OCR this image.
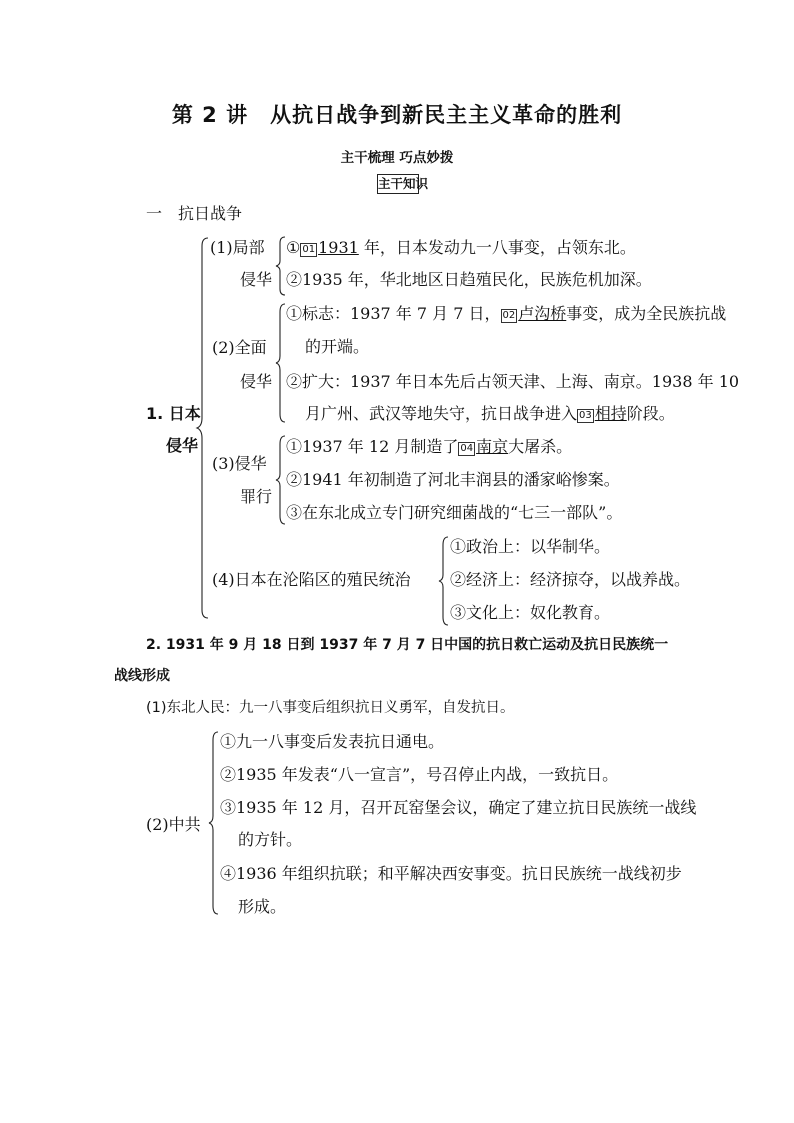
第 2 讲　从抗日战争到新民主主义革命的胜利
主干梳理 巧点妙拨
主干知识
一　抗日战争
1. 日本
侵华
(1)局部
侵华
① 01 1931 年，日本发动九一八事变，占领东北。
②1935 年，华北地区日趋殖民化，民族危机加深。
(2)全面
侵华
①标志：1937 年 7 月 7 日， 02 卢沟桥事变，成为全民族抗战
的开端。
②扩大：1937 年日本先后占领天津、上海、南京。1938 年 10
月广州、武汉等地失守，抗日战争进入 03 相持阶段。
(3)侵华
罪行
①1937 年 12 月制造了 04 南京大屠杀。
②1941 年初制造了河北丰润县的潘家峪惨案。
③在东北成立专门研究细菌战的“七三一部队”。
(4)日本在沦陷区的殖民统治
①政治上：以华制华。
②经济上：经济掠夺，以战养战。
③文化上：奴化教育。
2. 1931 年 9 月 18 日到 1937 年 7 月 7 日中国的抗日救亡运动及抗日民族统一
战线形成
(1)东北人民：九一八事变后组织抗日义勇军，自发抗日。
(2)中共
①九一八事变后发表抗日通电。
②1935 年发表“八一宣言”，号召停止内战，一致抗日。
③1935 年 12 月，召开瓦窑堡会议，确定了建立抗日民族统一战线
的方针。
④1936 年组织抗联；和平解决西安事变。抗日民族统一战线初步
形成。
